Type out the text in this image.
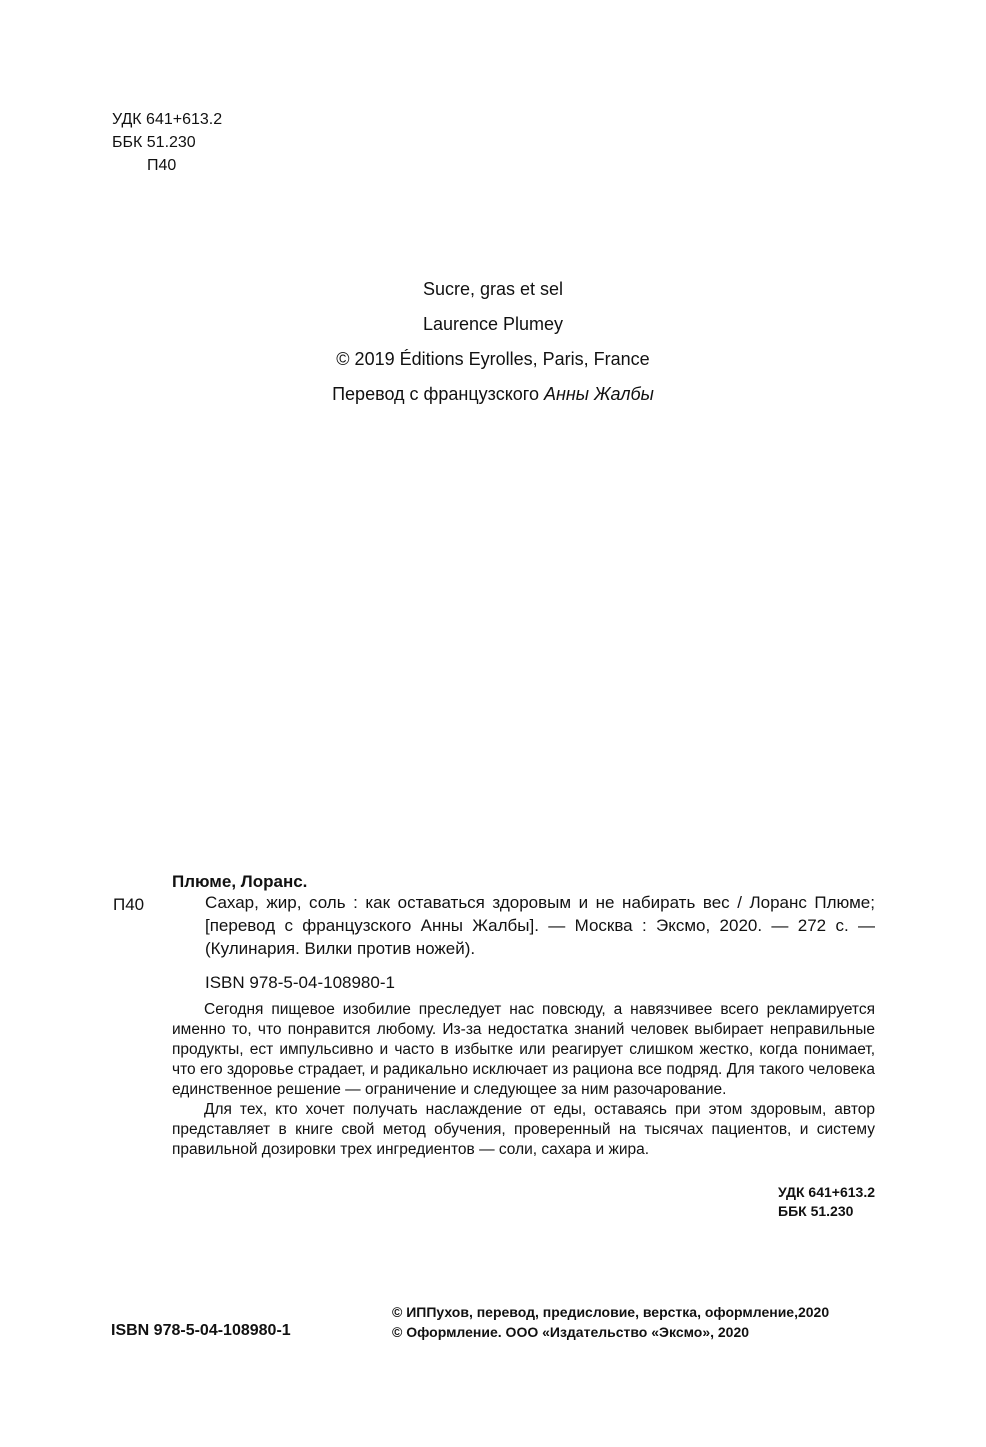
УДК 641+613.2
ББК 51.230
П40
Sucre, gras et sel
Laurence Plumey
© 2019 Éditions Eyrolles, Paris, France
Перевод с французского Анны Жалбы
Плюме, Лоранс.
П40	Сахар, жир, соль : как оставаться здоровым и не набирать вес / Лоранс Плюме; [перевод с французского Анны Жалбы]. — Москва : Эксмо, 2020. — 272 с. — (Кулинария. Вилки против ножей).
ISBN 978-5-04-108980-1

Сегодня пищевое изобилие преследует нас повсюду, а навязчивее всего рекламируется именно то, что понравится любому. Из-за недостатка знаний человек выбирает неправильные продукты, ест импульсивно и часто в избытке или реагирует слишком жестко, когда понимает, что его здоровье страдает, и радикально исключает из рациона все подряд. Для такого человека единственное решение — ограничение и следующее за ним разочарование.

Для тех, кто хочет получать наслаждение от еды, оставаясь при этом здоровым, автор представляет в книге свой метод обучения, проверенный на тысячах пациентов, и систему правильной дозировки трех ингредиентов — соли, сахара и жира.

УДК 641+613.2
ББК 51.230
ISBN 978-5-04-108980-1
© ИППухов, перевод, предисловие, верстка, оформление,2020
© Оформление. ООО «Издательство «Эксмо», 2020
